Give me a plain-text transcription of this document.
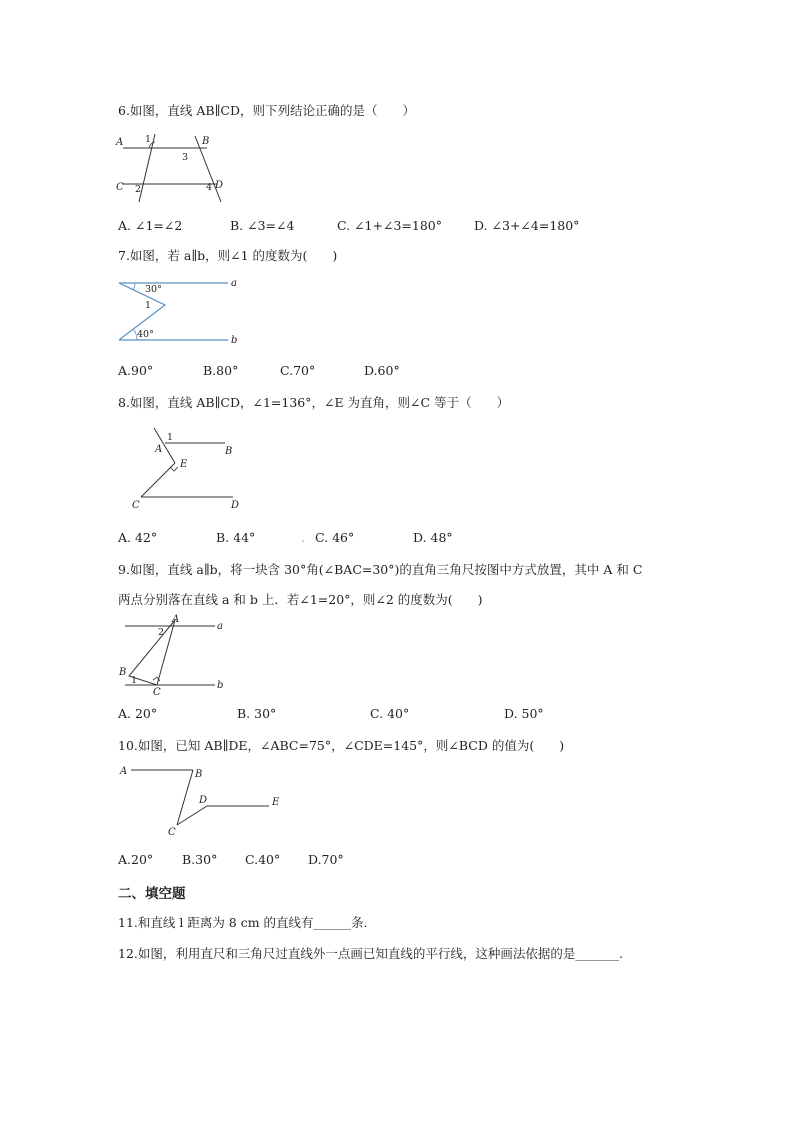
6.如图，直线 AB∥CD，则下列结论正确的是（　　）
A	B
C	D
1
2
3
4
A. ∠1=∠2	B. ∠3=∠4	C. ∠1+∠3=180°	D. ∠3+∠4=180°
7.如图，若 a∥b，则∠1 的度数为(　　)
a
b
30°
1
40°
A.90°	B.80°	C.70°	D.60°
8.如图，直线 AB∥CD，∠1=136°，∠E 为直角，则∠C 等于（　　）
A	B
C	D
E
1
A. 42°	B. 44°	. C. 46°	D. 48°
9.如图，直线 a∥b，将一块含 30°角(∠BAC=30°)的直角三角尺按图中方式放置，其中 A 和 C
两点分别落在直线 a 和 b 上．若∠1=20°，则∠2 的度数为(　　)
A
B
C
a
b
2
1
A. 20°	B. 30°	C. 40°	D. 50°
10.如图，已知 AB∥DE，∠ABC=75°，∠CDE=145°，则∠BCD 的值为(　　)
A	B
C
D	E
A.20° B.30° C.40° D.70°
二、填空题
11.和直线 l 距离为 8 cm 的直线有______条.
12.如图，利用直尺和三角尺过直线外一点画已知直线的平行线，这种画法依据的是_______.
